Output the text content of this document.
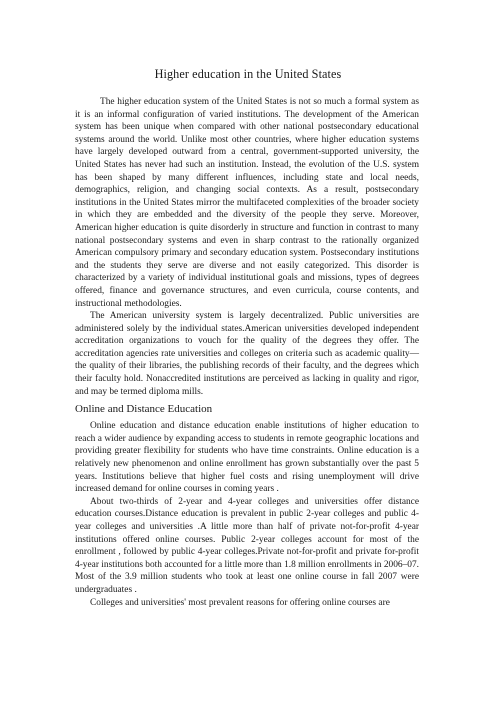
Higher education in the United States

The higher education system of the United States is not so much a formal system as it is an informal configuration of varied institutions. The development of the American system has been unique when compared with other national postsecondary educational systems around the world. Unlike most other countries, where higher education systems have largely developed outward from a central, government-supported university, the United States has never had such an institution. Instead, the evolution of the U.S. system has been shaped by many different influences, including state and local needs, demographics, religion, and changing social contexts. As a result, postsecondary institutions in the United States mirror the multifaceted complexities of the broader society in which they are embedded and the diversity of the people they serve. Moreover, American higher education is quite disorderly in structure and function in contrast to many national postsecondary systems and even in sharp contrast to the rationally organized American compulsory primary and secondary education system. Postsecondary institutions and the students they serve are diverse and not easily categorized. This disorder is characterized by a variety of individual institutional goals and missions, types of degrees offered, finance and governance structures, and even curricula, course contents, and instructional methodologies.

The American university system is largely decentralized. Public universities are administered solely by the individual states.American universities developed independent accreditation organizations to vouch for the quality of the degrees they offer. The accreditation agencies rate universities and colleges on criteria such as academic quality—the quality of their libraries, the publishing records of their faculty, and the degrees which their faculty hold. Nonaccredited institutions are perceived as lacking in quality and rigor, and may be termed diploma mills.

Online and Distance Education

Online education and distance education enable institutions of higher education to reach a wider audience by expanding access to students in remote geographic locations and providing greater flexibility for students who have time constraints. Online education is a relatively new phenomenon and online enrollment has grown substantially over the past 5 years. Institutions believe that higher fuel costs and rising unemployment will drive increased demand for online courses in coming years .

About two-thirds of 2-year and 4-year colleges and universities offer distance education courses.Distance education is prevalent in public 2-year colleges and public 4-year colleges and universities .A little more than half of private not-for-profit 4-year institutions offered online courses. Public 2-year colleges account for most of the enrollment , followed by public 4-year colleges.Private not-for-profit and private for-profit 4-year institutions both accounted for a little more than 1.8 million enrollments in 2006–07. Most of the 3.9 million students who took at least one online course in fall 2007 were undergraduates .

Colleges and universities' most prevalent reasons for offering online courses are
